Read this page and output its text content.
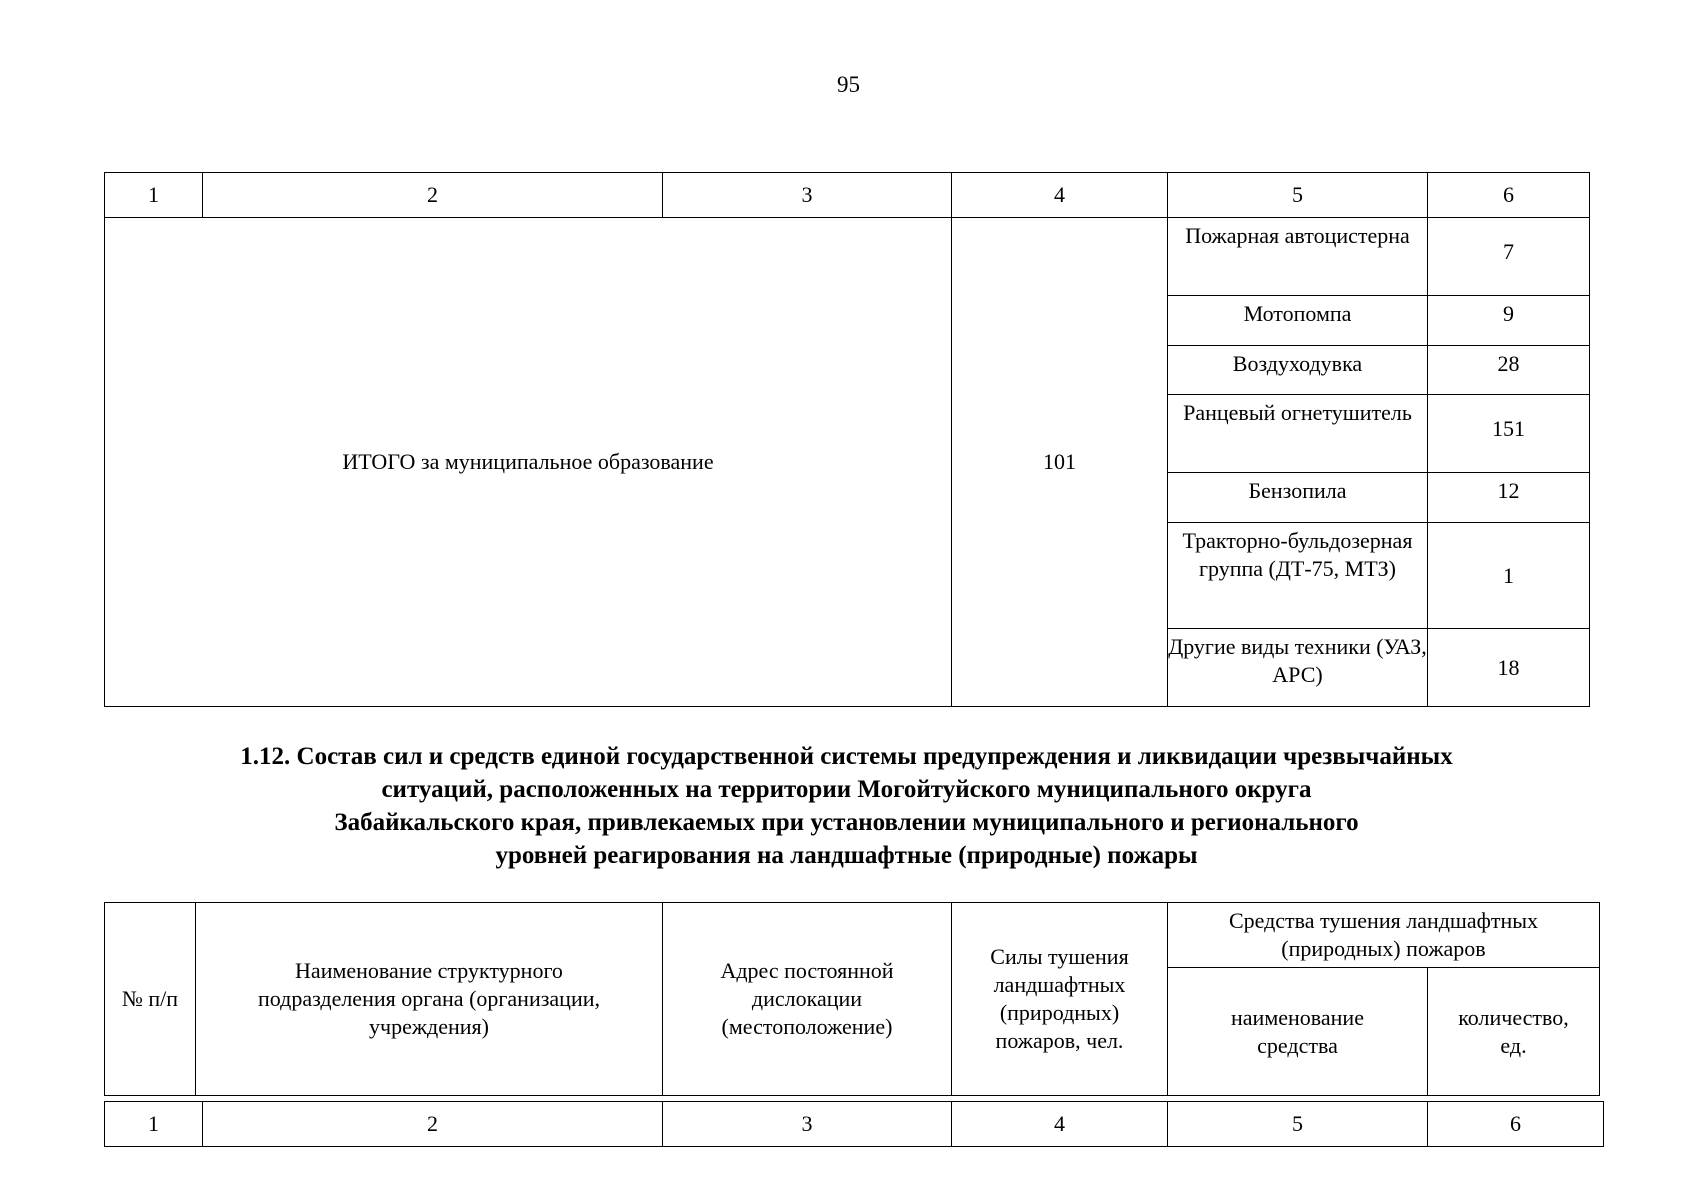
95
1	2	3	4	5	6
ИТОГО за муниципальное образование			101	Пожарная автоцистерна	7
				Мотопомпа	9
				Воздуходувка	28
				Ранцевый огнетушитель	151
				Бензопила	12
				Тракторно-бульдозерная группа (ДТ-75, МТЗ)	1
				Другие виды техники (УАЗ, АРС)	18
1.12. Состав сил и средств единой государственной системы предупреждения и ликвидации чрезвычайных
ситуаций, расположенных на территории Могойтуйского муниципального округа
Забайкальского края, привлекаемых при установлении муниципального и регионального
уровней реагирования на ландшафтные (природные) пожары
№ п/п	Наименование структурного подразделения органа (организации, учреждения)	Адрес постоянной дислокации (местоположение)	Силы тушения ландшафтных (природных) пожаров, чел.	Средства тушения ландшафтных (природных) пожаров	
				наименование средства	количество, ед.
1	2	3	4	5	6
